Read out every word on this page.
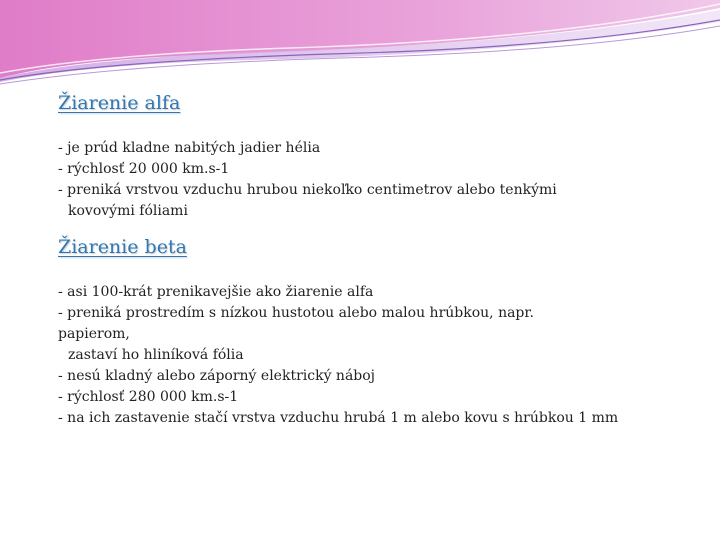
Žiarenie alfa
- je prúd kladne nabitých jadier hélia
- rýchlosť 20 000 km.s-1
- preniká vrstvou vzduchu hrubou niekoľko centimetrov alebo tenkými
kovovými fóliami
Žiarenie beta
- asi 100-krát prenikavejšie ako žiarenie alfa
- preniká prostredím s nízkou hustotou alebo malou hrúbkou, napr.
papierom,
zastaví ho hliníková fólia
- nesú kladný alebo záporný elektrický náboj
- rýchlosť 280 000 km.s-1
- na ich zastavenie stačí vrstva vzduchu hrubá 1 m alebo kovu s hrúbkou 1 mm
